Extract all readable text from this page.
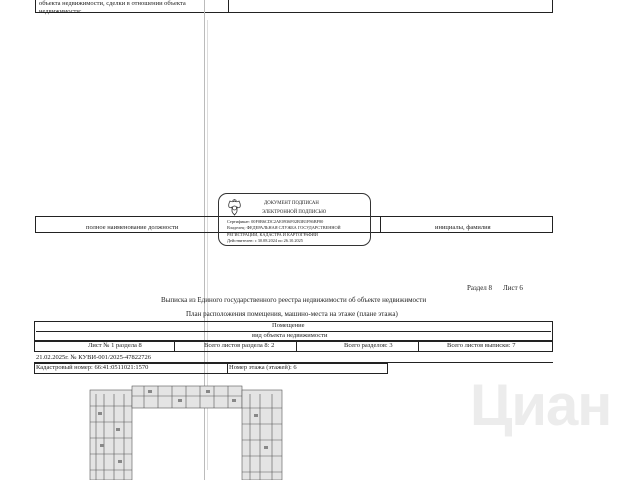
объекта недвижимости, сделки в отношении объекта
недвижимости:
полное наименование должности	инициалы, фамилия
ДОКУМЕНТ ПОДПИСАН
ЭЛЕКТРОННОЙ ПОДПИСЬЮ
Сертификат: 00F0B6CDC2AE0936F02B3B1F86BF80
Владелец: ФЕДЕРАЛЬНАЯ СЛУЖБА ГОСУДАРСТВЕННОЙ
РЕГИСТРАЦИИ, КАДАСТРА И КАРТОГРАФИИ
Действителен: с 30.08.2024 по 26.10.2025
Раздел 8 Лист 6
Выписка из Единого государственного реестра недвижимости об объекте недвижимости
План расположения помещения, машино-места на этаже (плане этажа)
Помещение
вид объекта недвижимости
Лист № 1 раздела 8	Всего листов раздела 8: 2	Всего разделов: 3	Всего листов выписки: 7
21.02.2025г. № КУВИ-001/2025-47822726
Кадастровый номер: 66:41:0511021:1570	Номер этажа (этажей): 6
Циан
